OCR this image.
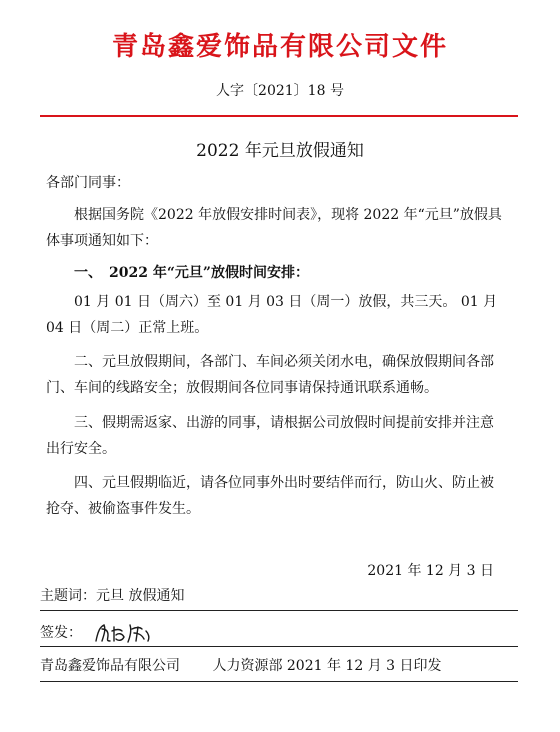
青岛鑫爱饰品有限公司文件
人字〔2021〕18 号
2022 年元旦放假通知
各部门同事：
根据国务院《2022 年放假安排时间表》，现将 2022 年“元旦”放假具体事项通知如下：
一、　2022 年“元旦”放假时间安排：
01 月 01 日（周六）至 01 月 03 日（周一）放假，共三天。 01 月 04 日（周二）正常上班。
二、元旦放假期间，各部门、车间必须关闭水电，确保放假期间各部门、车间的线路安全；放假期间各位同事请保持通讯联系通畅。
三、假期需返家、出游的同事，请根据公司放假时间提前安排并注意出行安全。
四、元旦假期临近，请各位同事外出时要结伴而行，防山火、防止被抢夺、被偷盗事件发生。
2021 年 12 月 3 日
主题词：元旦 放假通知
签发：
青岛鑫爱饰品有限公司 人力资源部 2021 年 12 月 3 日印发
